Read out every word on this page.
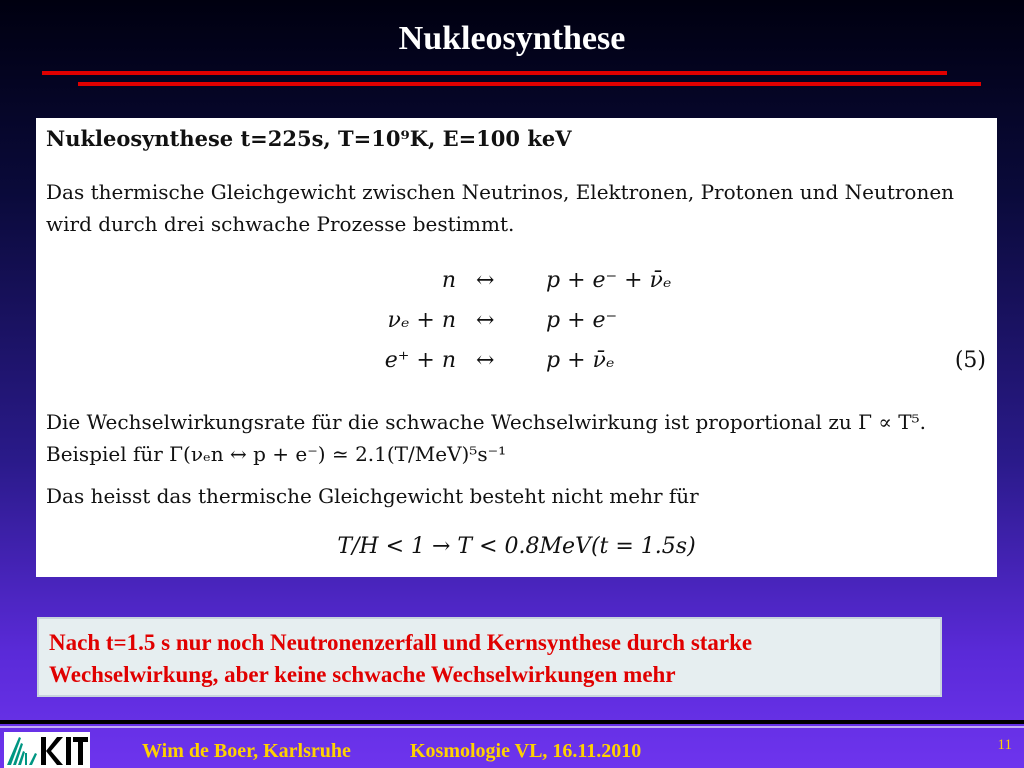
Nukleosynthese
Nukleosynthese t=225s, T=10⁹K, E=100 keV
Das thermische Gleichgewicht zwischen Neutrinos, Elektronen, Protonen und Neutronen wird durch drei schwache Prozesse bestimmt.
n ↔ p + e⁻ + ν̄ₑ
νₑ + n ↔ p + e⁻
e⁺ + n ↔ p + ν̄ₑ	(5)
Die Wechselwirkungsrate für die schwache Wechselwirkung ist proportional zu Γ ∝ T⁵.
Beispiel für Γ(νₑn ↔ p + e⁻) ≃ 2.1(T/MeV)⁵s⁻¹
Das heisst das thermische Gleichgewicht besteht nicht mehr für
T/H < 1 → T < 0.8MeV(t = 1.5s)
Nach t=1.5 s nur noch Neutronenzerfall und Kernsynthese durch starke
Wechselwirkung, aber keine schwache Wechselwirkungen mehr
Wim de Boer, Karlsruhe	Kosmologie VL, 16.11.2010	11
